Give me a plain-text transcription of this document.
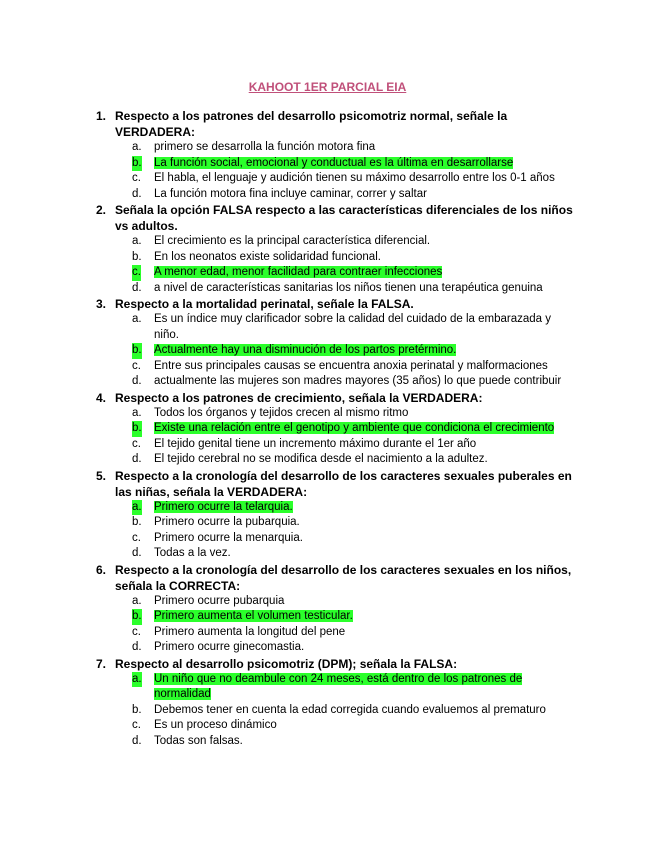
KAHOOT 1ER PARCIAL EIA
1. Respecto a los patrones del desarrollo psicomotriz normal, señale la VERDADERA:
a. primero se desarrolla la función motora fina
b. La función social, emocional y conductual es la última en desarrollarse
c. El habla, el lenguaje y audición tienen su máximo desarrollo entre los 0-1 años
d. La función motora fina incluye caminar, correr y saltar
2. Señala la opción FALSA respecto a las características diferenciales de los niños vs adultos.
a. El crecimiento es la principal característica diferencial.
b. En los neonatos existe solidaridad funcional.
c. A menor edad, menor facilidad para contraer infecciones
d. a nivel de características sanitarias los niños tienen una terapéutica genuina
3. Respecto a la mortalidad perinatal, señale la FALSA.
a. Es un índice muy clarificador sobre la calidad del cuidado de la embarazada y niño.
b. Actualmente hay una disminución de los partos pretérmino.
c. Entre sus principales causas se encuentra anoxia perinatal y malformaciones
d. actualmente las mujeres son madres mayores (35 años) lo que puede contribuir
4. Respecto a los patrones de crecimiento, señala la VERDADERA:
a. Todos los órganos y tejidos crecen al mismo ritmo
b. Existe una relación entre el genotipo y ambiente que condiciona el crecimiento
c. El tejido genital tiene un incremento máximo durante el 1er año
d. El tejido cerebral no se modifica desde el nacimiento a la adultez.
5. Respecto a la cronología del desarrollo de los caracteres sexuales puberales en las niñas, señala la VERDADERA:
a. Primero ocurre la telarquia.
b. Primero ocurre la pubarquia.
c. Primero ocurre la menarquia.
d. Todas a la vez.
6. Respecto a la cronología del desarrollo de los caracteres sexuales en los niños, señala la CORRECTA:
a. Primero ocurre pubarquia
b. Primero aumenta el volumen testicular.
c. Primero aumenta la longitud del pene
d. Primero ocurre ginecomastia.
7. Respecto al desarrollo psicomotriz (DPM); señala la FALSA:
a. Un niño que no deambule con 24 meses, está dentro de los patrones de normalidad
b. Debemos tener en cuenta la edad corregida cuando evaluemos al prematuro
c. Es un proceso dinámico
d. Todas son falsas.
